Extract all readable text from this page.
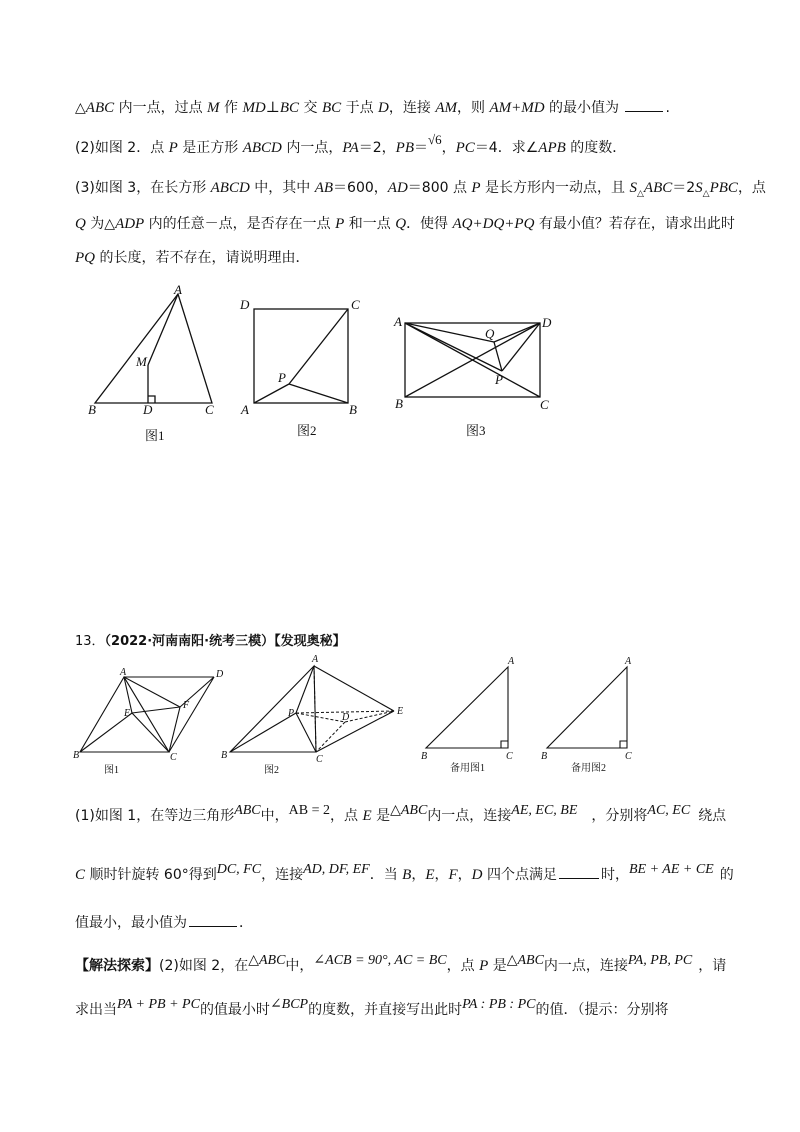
△ABC 内一点，过点 M 作 MD⊥BC 交 BC 于点 D，连接 AM，则 AM+MD 的最小值为	.
(2)如图 2．点 P 是正方形 ABCD 内一点，PA＝2，PB＝√6，PC＝4．求∠APB 的度数．
(3)如图 3，在长方形 ABCD 中，其中 AB＝600，AD＝800 点 P 是长方形内一动点，且 $S_\triangle ABC=2S_\triangle PBC$，点
Q 为△ADP 内的任意－点，是否存在一点 P 和一点 Q．使得 AQ+DQ+PQ 有最小值？若存在，请求出此时
PQ 的长度，若不存在，请说明理由．
A
M
B	D	C
D	C
P
A	B
A	D
Q
P
B	C
图1	图2	图3
13．（2022·河南南阳·统考三模）【发现奥秘】
A	D
E
F
B	C
A
P	D
E
B	C
A
B	C
A
B	C
图1	图2	备用图1	备用图2
(1)如图 1，在等边三角形ABC中，AB = 2，点 E 是△ABC内一点，连接AE, EC, BE ，分别将AC, EC 绕点
C 顺时针旋转 60°得到DC, FC，连接AD, DF, EF．当 B，E，F，D 四个点满足	时，BE + AE + CE 的
值最小，最小值为	．
【解法探索】(2)如图 2，在△ABC中，∠ACB = 90°, AC = BC，点 P 是△ABC内一点，连接PA, PB, PC ，请
求出当PA + PB + PC的值最小时∠BCP的度数，并直接写出此时PA : PB : PC的值．（提示：分别将
